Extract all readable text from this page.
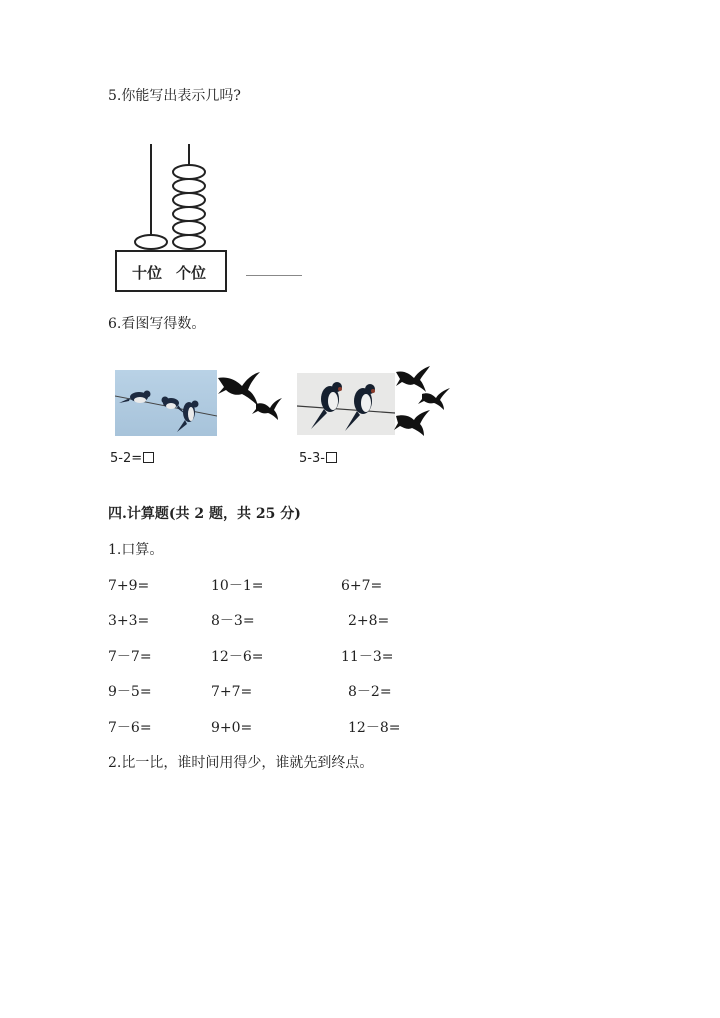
5.你能写出表示几吗?
十位 个位
6.看图写得数。
5-2=	5-3-
四.计算题(共 2 题，共 25 分)
1.口算。
7+9=	10－1=	6+7=
3+3=	8－3=	2+8=
7－7=	12－6=	11－3=
9－5=	7+7=	8－2=
7－6=	9+0=	12－8=
2.比一比，谁时间用得少，谁就先到终点。
